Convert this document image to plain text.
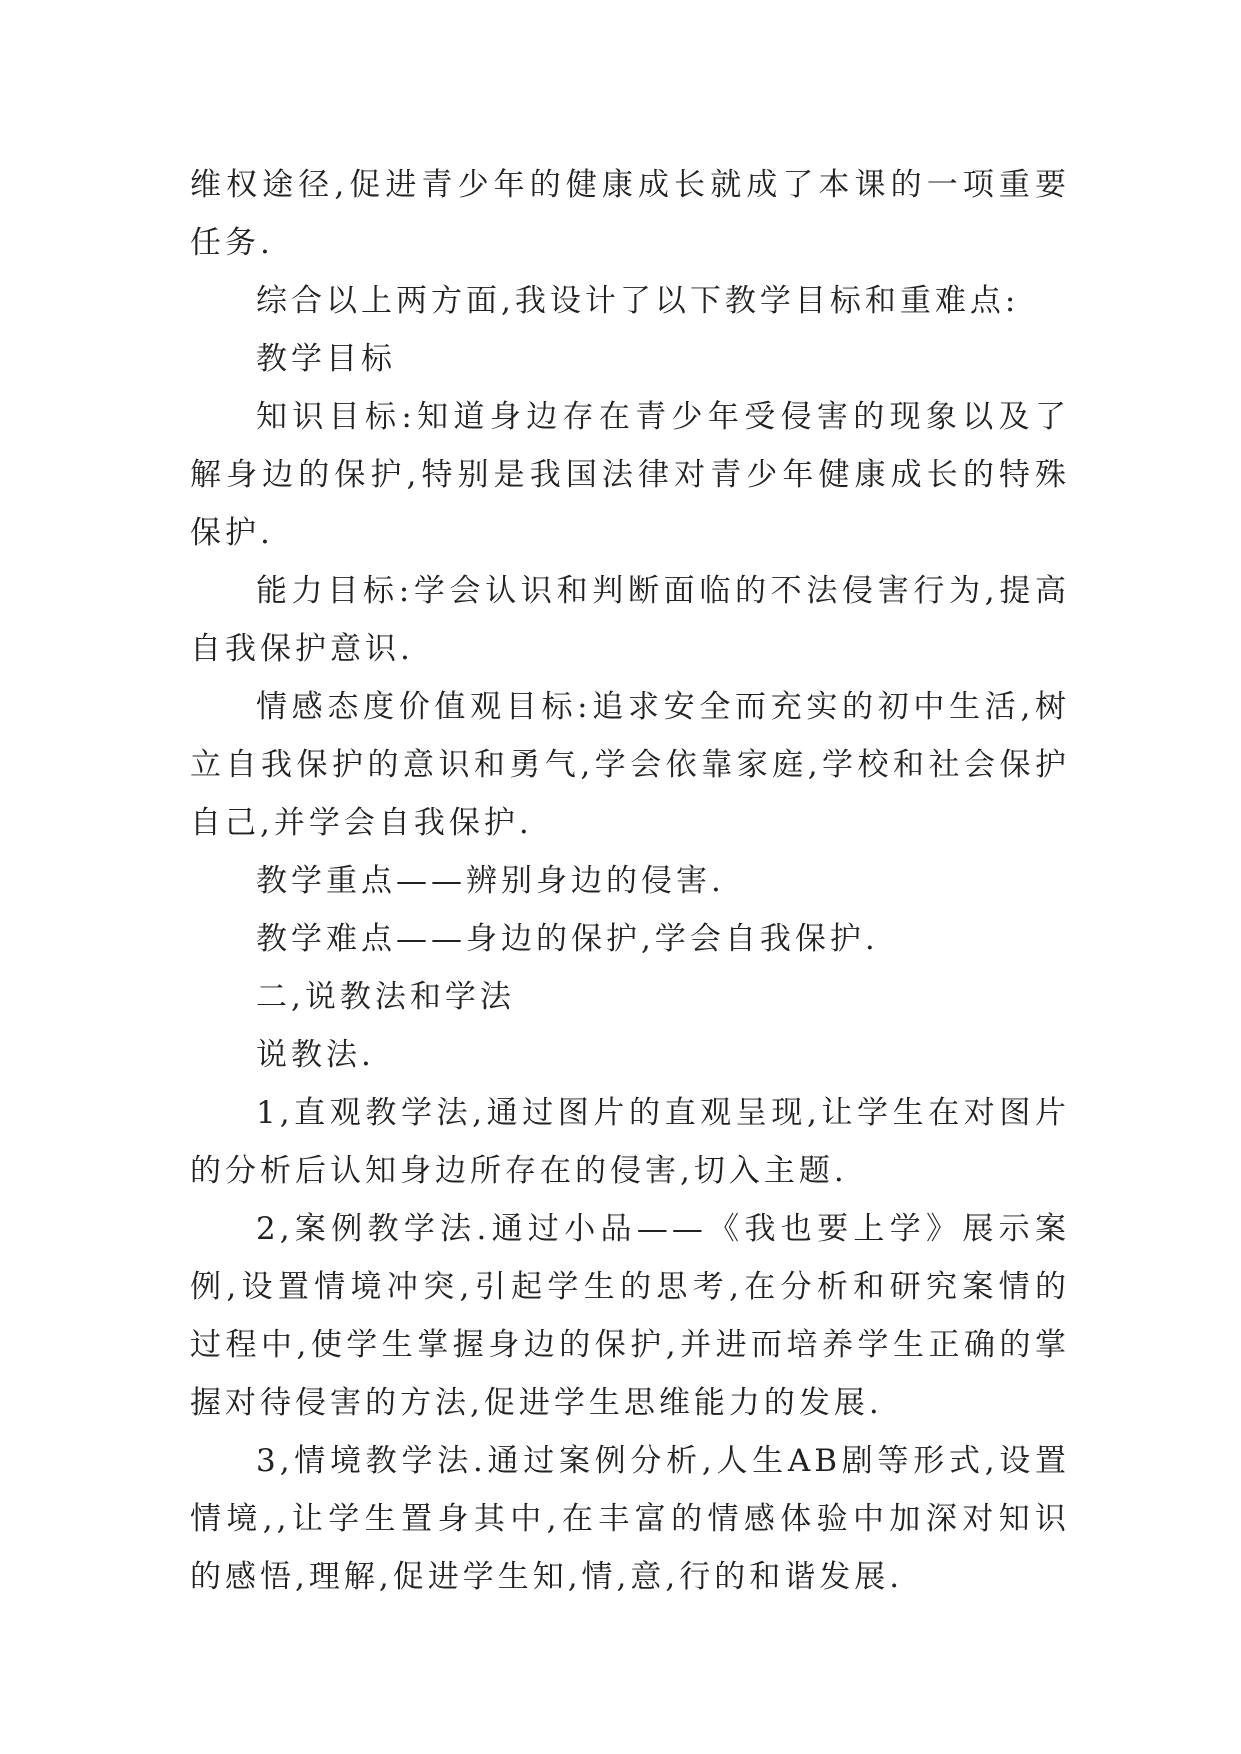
维权途径,促进青少年的健康成长就成了本课的一项重要任务.

综合以上两方面,我设计了以下教学目标和重难点:

教学目标

知识目标:知道身边存在青少年受侵害的现象以及了解身边的保护,特别是我国法律对青少年健康成长的特殊保护.

能力目标:学会认识和判断面临的不法侵害行为,提高自我保护意识.

情感态度价值观目标:追求安全而充实的初中生活,树立自我保护的意识和勇气,学会依靠家庭,学校和社会保护自己,并学会自我保护.

教学重点——辨别身边的侵害.

教学难点——身边的保护,学会自我保护.

二,说教法和学法

说教法.

1,直观教学法,通过图片的直观呈现,让学生在对图片的分析后认知身边所存在的侵害,切入主题.

2,案例教学法.通过小品——《我也要上学》展示案例,设置情境冲突,引起学生的思考,在分析和研究案情的过程中,使学生掌握身边的保护,并进而培养学生正确的掌握对待侵害的方法,促进学生思维能力的发展.

3,情境教学法.通过案例分析,人生AB剧等形式,设置情境,,让学生置身其中,在丰富的情感体验中加深对知识的感悟,理解,促进学生知,情,意,行的和谐发展.
